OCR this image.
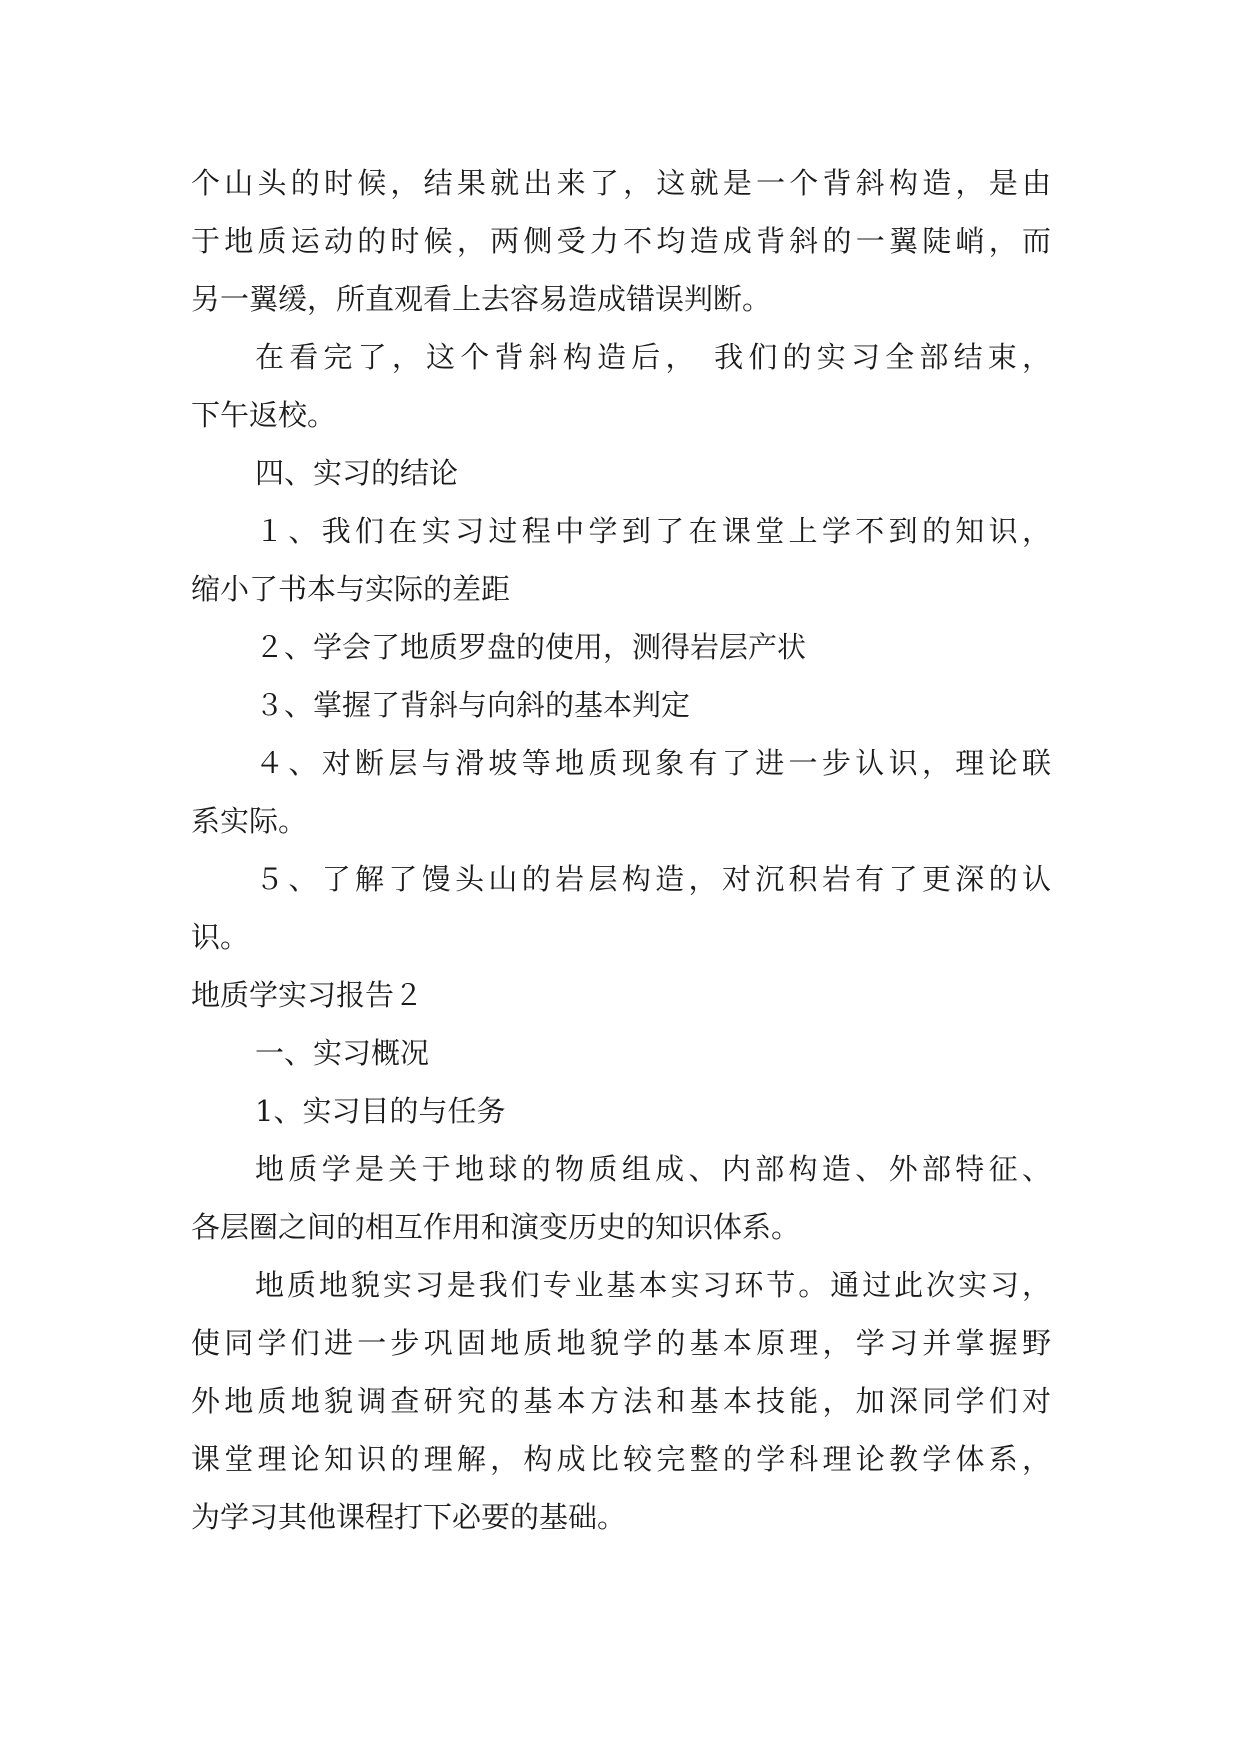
个山头的时候，结果就出来了，这就是一个背斜构造，是由
于地质运动的时候，两侧受力不均造成背斜的一翼陡峭，而
另一翼缓，所直观看上去容易造成错误判断。
在看完了，这个背斜构造后， 我们的实习全部结束，
下午返校。
四、实习的结论
１、我们在实习过程中学到了在课堂上学不到的知识，
缩小了书本与实际的差距
２、学会了地质罗盘的使用，测得岩层产状
３、掌握了背斜与向斜的基本判定
４、对断层与滑坡等地质现象有了进一步认识，理论联
系实际。
５、了解了馒头山的岩层构造，对沉积岩有了更深的认
识。
地质学实习报告２
一、实习概况
1、实习目的与任务
地质学是关于地球的物质组成、内部构造、外部特征、
各层圈之间的相互作用和演变历史的知识体系。
地质地貌实习是我们专业基本实习环节。通过此次实习，
使同学们进一步巩固地质地貌学的基本原理，学习并掌握野
外地质地貌调查研究的基本方法和基本技能，加深同学们对
课堂理论知识的理解，构成比较完整的学科理论教学体系，
为学习其他课程打下必要的基础。
